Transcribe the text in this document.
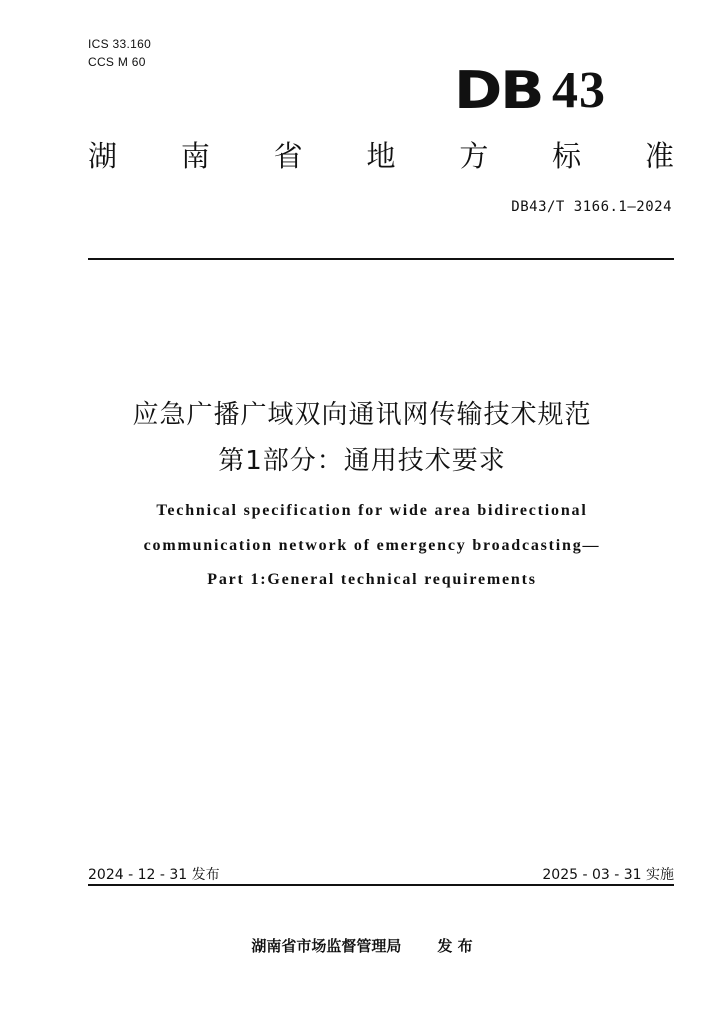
ICS 33.160
CCS M 60	DB 43
湖 南 省 地 方 标 准
DB43/T 3166.1—2024
应急广播广域双向通讯网传输技术规范
第1部分：通用技术要求
Technical specification for wide area bidirectional
communication network of emergency broadcasting—
Part 1:General technical requirements
2024 - 12 - 31 发布	2025 - 03 - 31 实施
湖南省市场监督管理局 发 布
